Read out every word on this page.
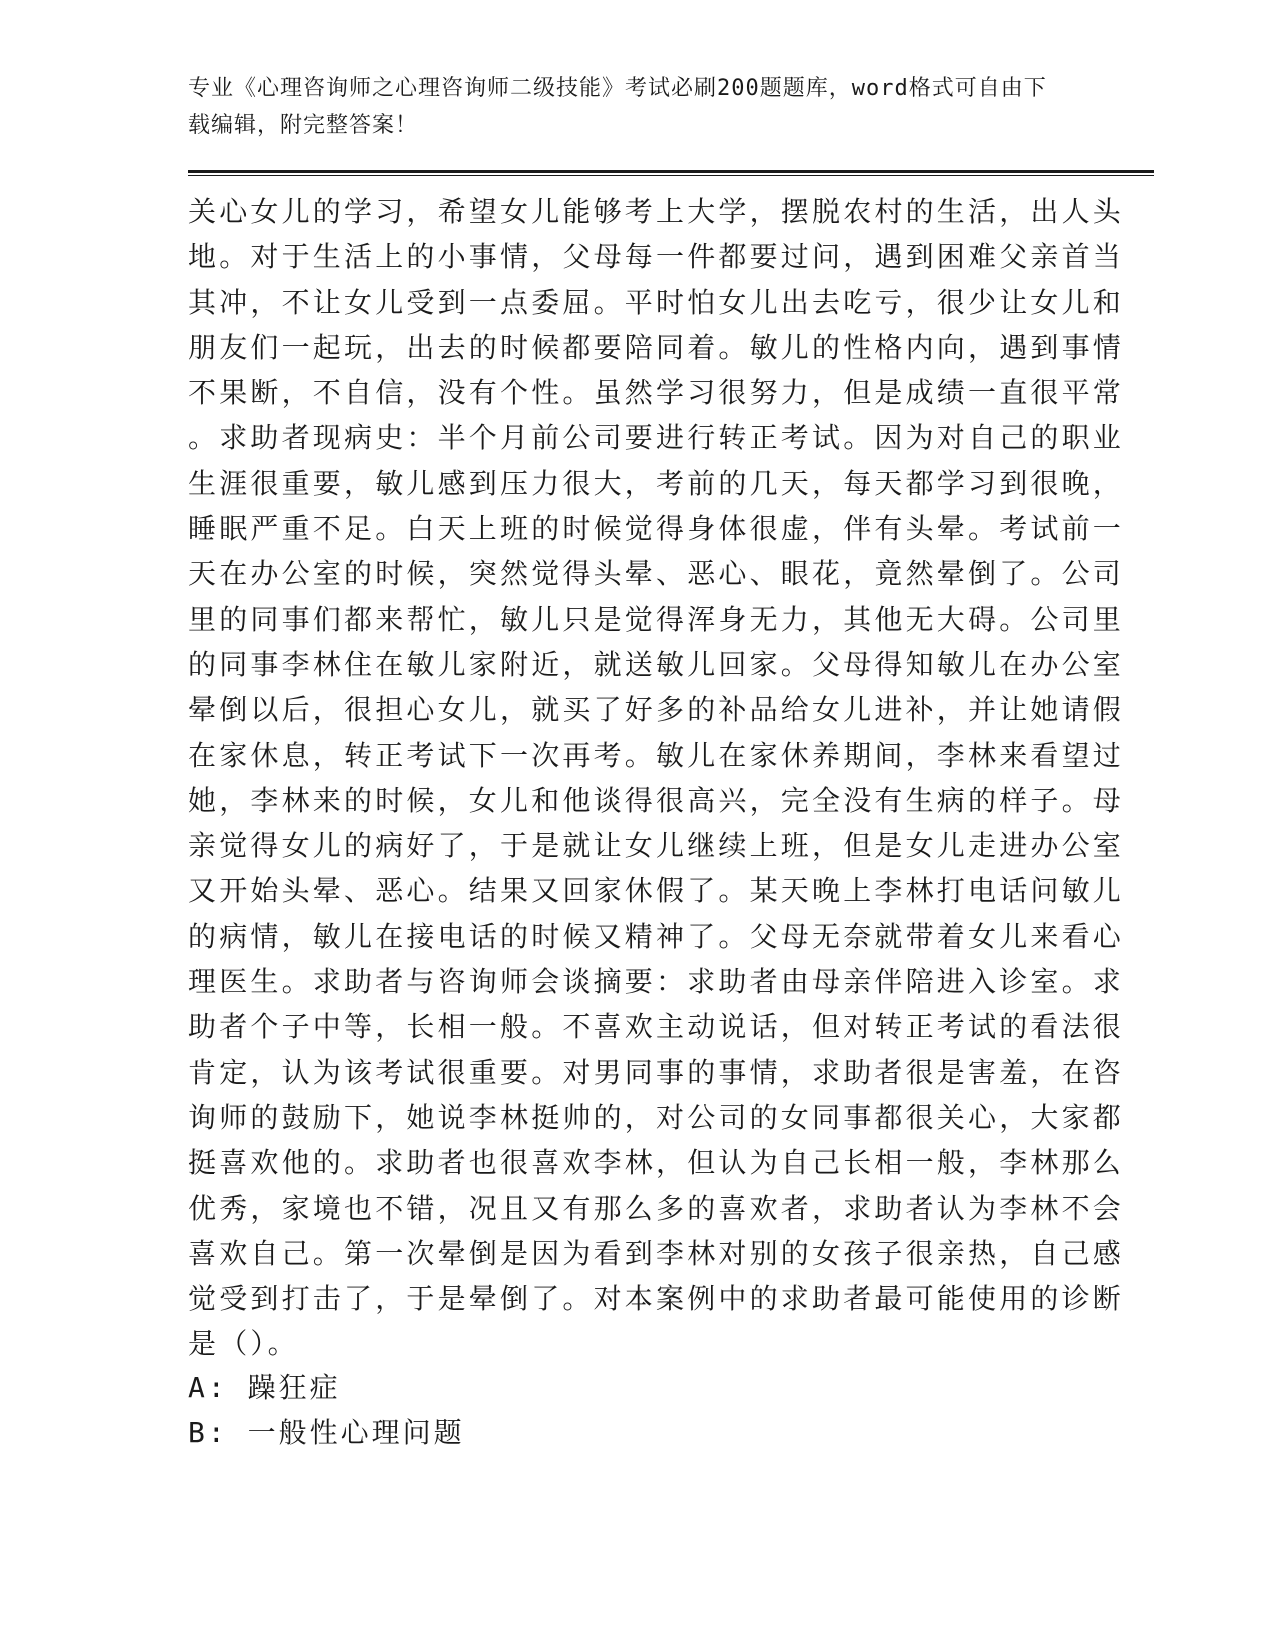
专业《心理咨询师之心理咨询师二级技能》考试必刷200题题库，word格式可自由下载编辑，附完整答案！
关心女儿的学习，希望女儿能够考上大学，摆脱农村的生活，出人头
地。对于生活上的小事情，父母每一件都要过问，遇到困难父亲首当
其冲，不让女儿受到一点委屈。平时怕女儿出去吃亏，很少让女儿和
朋友们一起玩，出去的时候都要陪同着。敏儿的性格内向，遇到事情
不果断，不自信，没有个性。虽然学习很努力，但是成绩一直很平常
。求助者现病史：半个月前公司要进行转正考试。因为对自己的职业
生涯很重要，敏儿感到压力很大，考前的几天，每天都学习到很晚，
睡眠严重不足。白天上班的时候觉得身体很虚，伴有头晕。考试前一
天在办公室的时候，突然觉得头晕、恶心、眼花，竟然晕倒了。公司
里的同事们都来帮忙，敏儿只是觉得浑身无力，其他无大碍。公司里
的同事李林住在敏儿家附近，就送敏儿回家。父母得知敏儿在办公室
晕倒以后，很担心女儿，就买了好多的补品给女儿进补，并让她请假
在家休息，转正考试下一次再考。敏儿在家休养期间，李林来看望过
她，李林来的时候，女儿和他谈得很高兴，完全没有生病的样子。母
亲觉得女儿的病好了，于是就让女儿继续上班，但是女儿走进办公室
又开始头晕、恶心。结果又回家休假了。某天晚上李林打电话问敏儿
的病情，敏儿在接电话的时候又精神了。父母无奈就带着女儿来看心
理医生。求助者与咨询师会谈摘要：求助者由母亲伴陪进入诊室。求
助者个子中等，长相一般。不喜欢主动说话，但对转正考试的看法很
肯定，认为该考试很重要。对男同事的事情，求助者很是害羞，在咨
询师的鼓励下，她说李林挺帅的，对公司的女同事都很关心，大家都
挺喜欢他的。求助者也很喜欢李林，但认为自己长相一般，李林那么
优秀，家境也不错，况且又有那么多的喜欢者，求助者认为李林不会
喜欢自己。第一次晕倒是因为看到李林对别的女孩子很亲热，自己感
觉受到打击了，于是晕倒了。对本案例中的求助者最可能使用的诊断
是（）。
A: 躁狂症
B: 一般性心理问题
